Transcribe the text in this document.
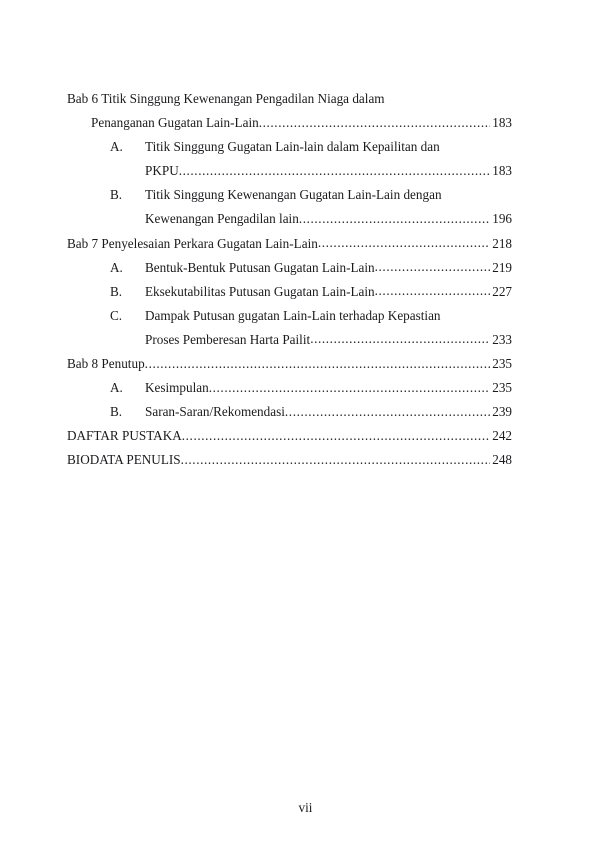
Bab 6 Titik Singgung Kewenangan Pengadilan Niaga dalam
Penanganan Gugatan Lain-Lain .....	183
A.	Titik Singgung Gugatan Lain-lain dalam Kepailitan dan
PKPU .....	183
B.	Titik Singgung Kewenangan Gugatan Lain-Lain dengan
Kewenangan Pengadilan lain .....	196
Bab 7 Penyelesaian Perkara Gugatan Lain-Lain .....	218
A.	Bentuk-Bentuk Putusan Gugatan Lain-Lain .....	219
B.	Eksekutabilitas Putusan Gugatan Lain-Lain .....	227
C.	Dampak Putusan gugatan Lain-Lain terhadap Kepastian
Proses Pemberesan Harta Pailit .....	233
Bab 8 Penutup .....	235
A.	Kesimpulan .....	235
B.	Saran-Saran/Rekomendasi .....	239
DAFTAR PUSTAKA .....	242
BIODATA PENULIS .....	248
vii
